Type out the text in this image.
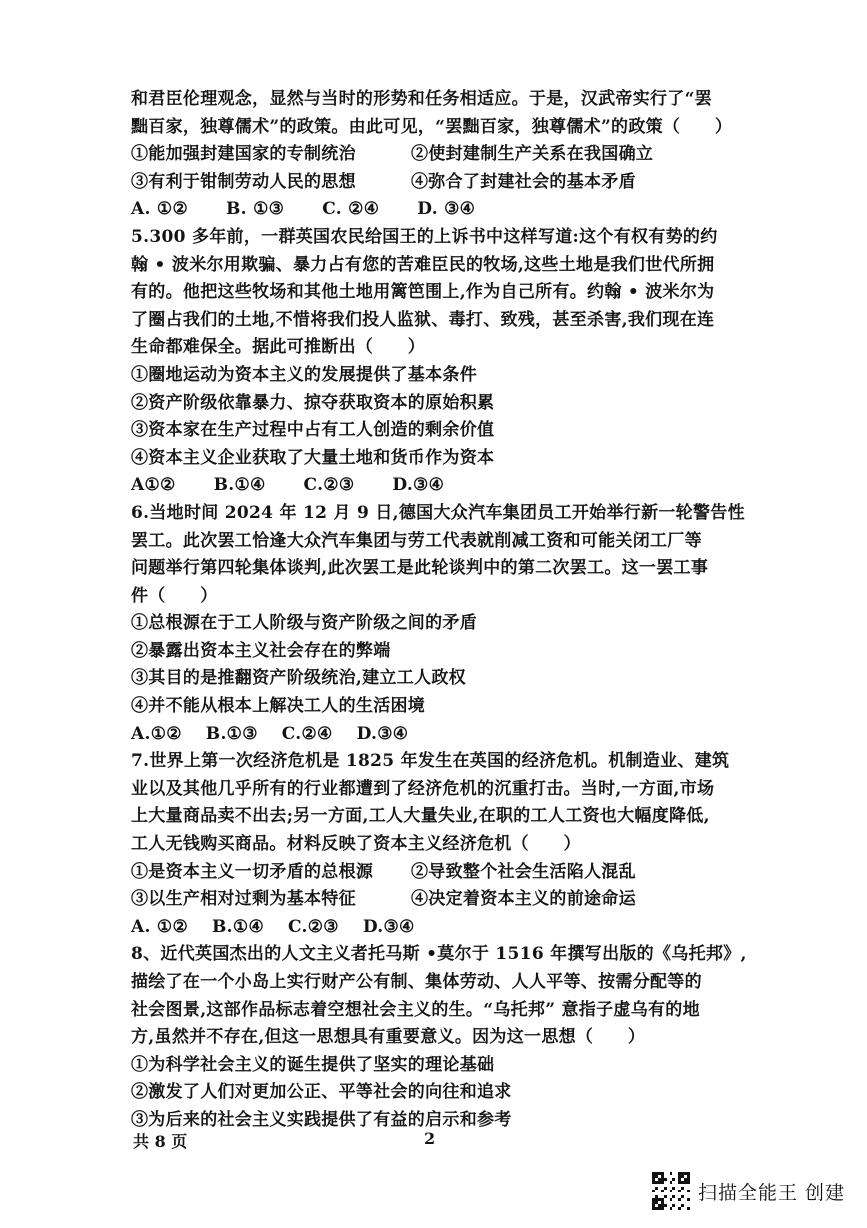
和君臣伦理观念，显然与当时的形势和任务相适应。于是，汉武帝实行了“罢
黜百家，独尊儒术”的政策。由此可见，“罢黜百家，独尊儒术”的政策（　　）
①能加强封建国家的专制统治	②使封建制生产关系在我国确立
③有利于钳制劳动人民的思想	④弥合了封建社会的基本矛盾
A. ①② B. ①③ C. ②④ D. ③④
5.300 多年前，一群英国农民给国王的上诉书中这样写道:这个有权有势的约
翰 • 波米尔用欺骗、暴力占有您的苦难臣民的牧场,这些土地是我们世代所拥
有的。他把这些牧场和其他土地用篱笆围上,作为自己所有。约翰 • 波米尔为
了圈占我们的土地,不惜将我们投人监狱、毒打、致残，甚至杀害,我们现在连
生命都难保全。据此可推断出（　　）
①圈地运动为资本主义的发展提供了基本条件
②资产阶级依靠暴力、掠夺获取资本的原始积累
③资本家在生产过程中占有工人创造的剩余价值
④资本主义企业获取了大量土地和货币作为资本
A①② B.①④ C.②③ D.③④
6.当地时间 2024 年 12 月 9 日,德国大众汽车集团员工开始举行新一轮警告性
罢工。此次罢工恰逢大众汽车集团与劳工代表就削减工资和可能关闭工厂等
问题举行第四轮集体谈判,此次罢工是此轮谈判中的第二次罢工。这一罢工事
件（　　）
①总根源在于工人阶级与资产阶级之间的矛盾
②暴露出资本主义社会存在的弊端
③其目的是推翻资产阶级统治,建立工人政权
④并不能从根本上解决工人的生活困境
A.①② B.①③ C.②④ D.③④
7.世界上第一次经济危机是 1825 年发生在英国的经济危机。机制造业、建筑
业以及其他几乎所有的行业都遭到了经济危机的沉重打击。当时,一方面,市场
上大量商品卖不出去;另一方面,工人大量失业,在职的工人工资也大幅度降低,
工人无钱购买商品。材料反映了资本主义经济危机（　　）
①是资本主义一切矛盾的总根源	②导致整个社会生活陷人混乱
③以生产相对过剩为基本特征	④决定着资本主义的前途命运
A. ①② B.①④ C.②③ D.③④
8、近代英国杰出的人文主义者托马斯 •莫尔于 1516 年撰写出版的《乌托邦》,
描绘了在一个小岛上实行财产公有制、集体劳动、人人平等、按需分配等的
社会图景,这部作品标志着空想社会主义的生。“乌托邦” 意指子虚乌有的地
方,虽然并不存在,但这一思想具有重要意义。因为这一思想（　　）
①为科学社会主义的诞生提供了坚实的理论基础
②激发了人们对更加公正、平等社会的向往和追求
③为后来的社会主义实践提供了有益的启示和参考
共 8 页	2
扫描全能王 创建
